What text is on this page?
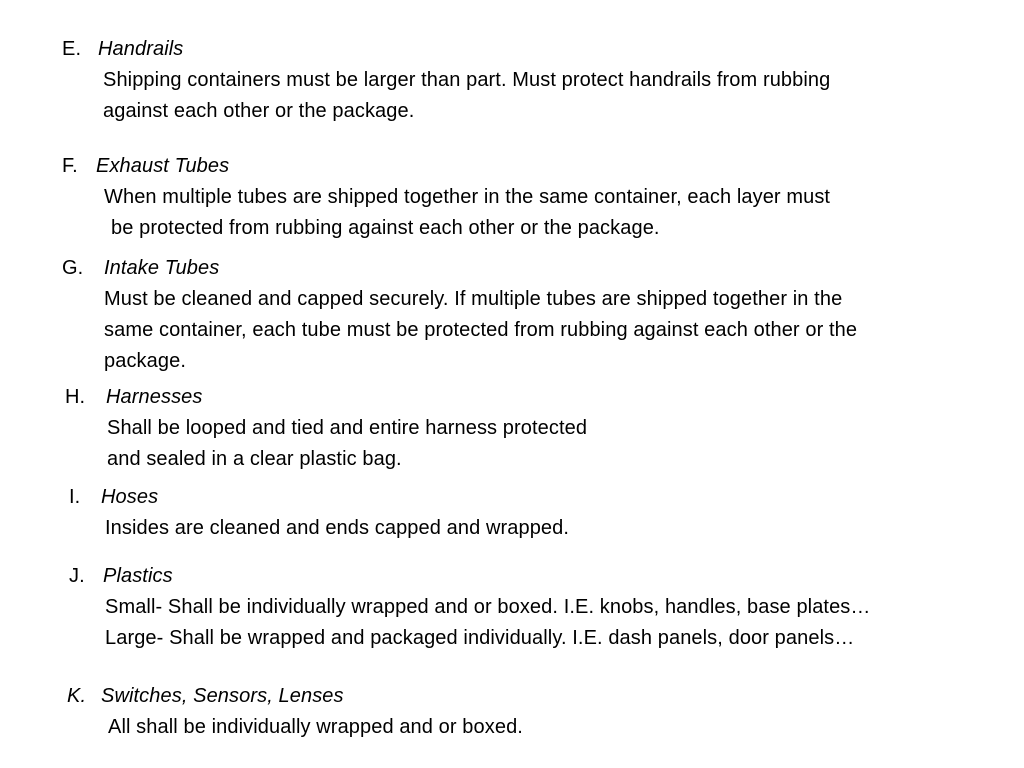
E. Handrails
Shipping containers must be larger than part. Must protect handrails from rubbing
against each other or the package.
F. Exhaust Tubes
When multiple tubes are shipped together in the same container, each layer must
be protected from rubbing against each other or the package.
G. Intake Tubes
Must be cleaned and capped securely. If multiple tubes are shipped together in the
same container, each tube must be protected from rubbing against each other or the
package.
H. Harnesses
Shall be looped and tied and entire harness protected
and sealed in a clear plastic bag.
I. Hoses
Insides are cleaned and ends capped and wrapped.
J. Plastics
Small- Shall be individually wrapped and or boxed. I.E. knobs, handles, base plates…
Large- Shall be wrapped and packaged individually. I.E. dash panels, door panels…
K. Switches, Sensors, Lenses
All shall be individually wrapped and or boxed.
